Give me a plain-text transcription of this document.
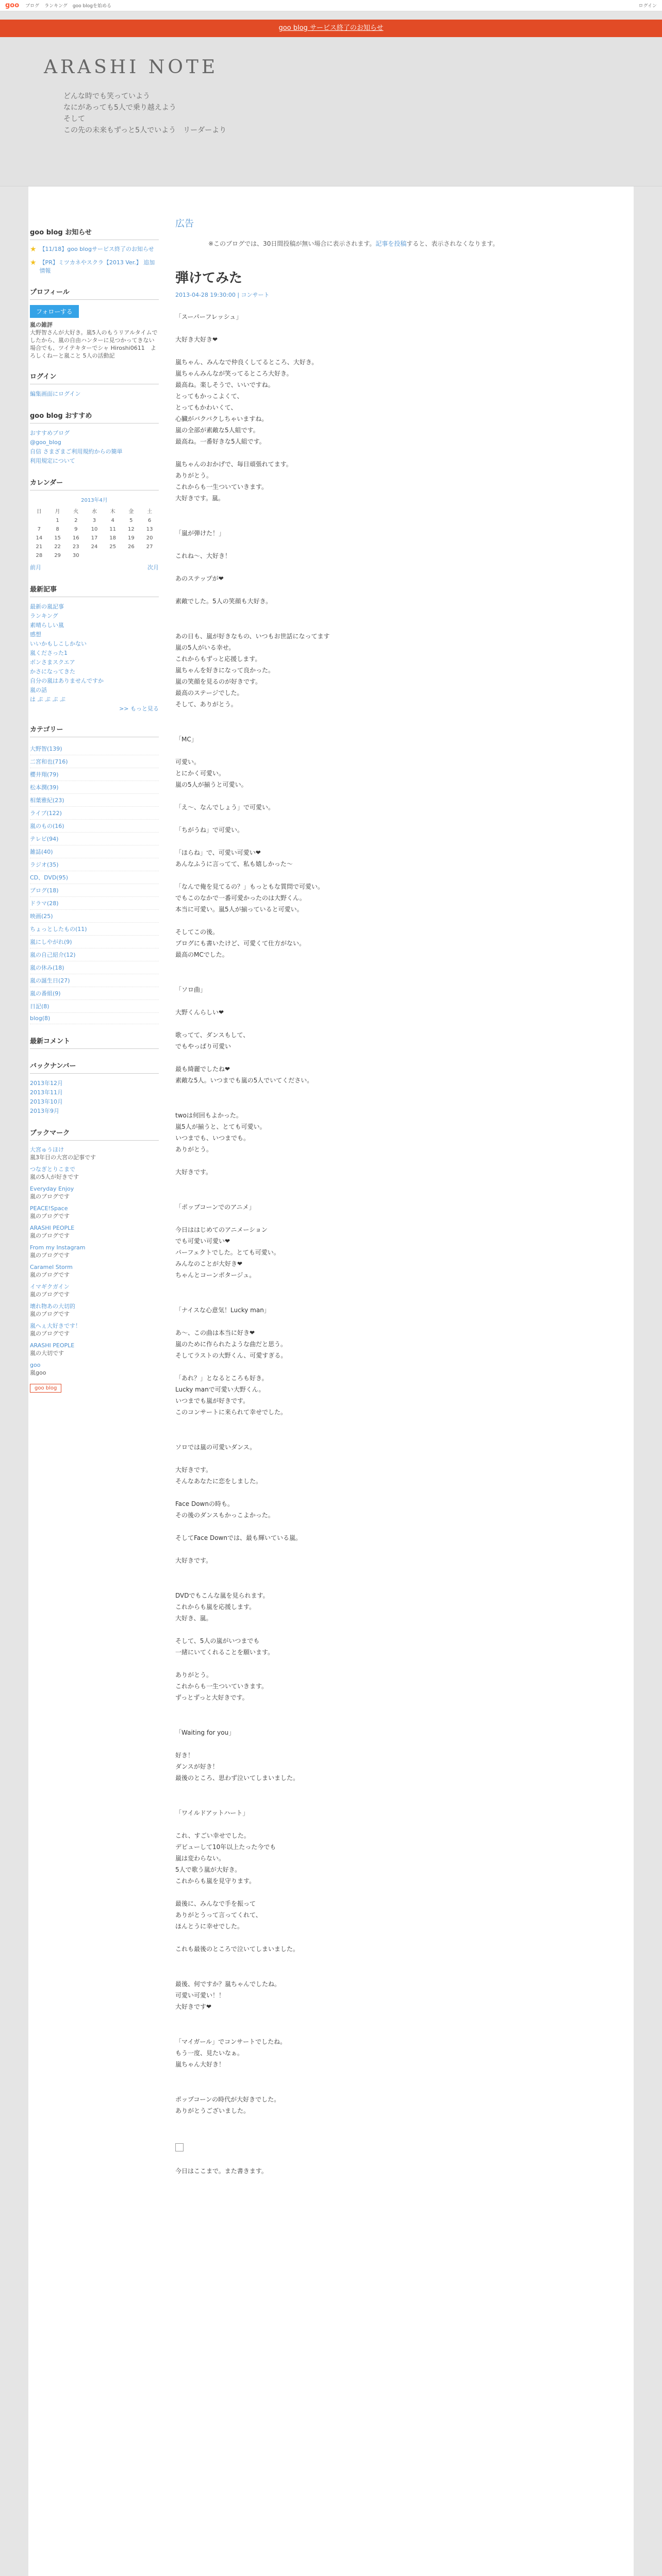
goo ブログ ランキング goo blogを始める	ログイン
goo blog サービス終了のお知らせ
ARASHI NOTE
どんな時でも笑っていよう
なにがあっても5人で乗り越えよう
そして
この先の未来もずっと5人でいよう　リーダーより
goo blog お知らせ
★ 【11/18】goo blogサービス終了のお知らせ
★ 【PR】ミツカネやスクラ【2013 Ver.】 追加情報
プロフィール
フォローする
嵐の雑評
大野智さんが大好き。嵐5人のもうリアルタイムでしたから、嵐の自由ハンターに見つかってきない場合でも、ツイテキターでシャ Hiroshi0611　よろしくねーと嵐こと 5人の活動記
ログイン
編集画面にログイン
goo blog おすすめ
おすすめブログ
@goo_blog
自信 さまざまご利用規約からの簡単
利用規定について
カレンダー
2013年4月
日	月	火	水	木	金	土
	1	2	3	4	5	6
7	8	9	10	11	12	13
14	15	16	17	18	19	20
21	22	23	24	25	26	27
28	29	30				
前月	次月
最新記事
最新の嵐記事
ランキング
素晴らしい嵐
感想
いいかもしこしかない
嵐くださった1
ボンさまスクエア
かさになってきた
自分の嵐はありませんですか
嵐の話
は ぷ ぷ ぷ ぷ
>> もっと見る
カテゴリー
大野智(139)
二宮和也(716)
櫻井翔(79)
松本潤(39)
相葉雅紀(23)
ライブ(122)
嵐のもの(16)
テレビ(94)
雑誌(40)
ラジオ(35)
CD、DVD(95)
ブログ(18)
ドラマ(28)
映画(25)
ちょっとしたもの(11)
嵐にしやがれ(9)
嵐の自己紹介(12)
嵐の休み(18)
嵐の誕生日(27)
嵐の番組(9)
日記(8)
blog(8)
最新コメント
バックナンバー
2013年12月
2013年11月
2013年10月
2013年9月
ブックマーク
大宮ゅうほけ
嵐3年目の大宮の記事です
つなぎとりこまで
嵐の5人が好きです
Everyday Enjoy
嵐のブログです
PEACE!Space
嵐のブログです
ARASHI PEOPLE
嵐のブログです
From my Instagram
嵐のブログです
Caramel Storm
嵐のブログです
イマギクガイン
嵐のブログです
壊れ物あの大切的
嵐のブログです
嵐へぇ大好きです！
嵐のブログです
ARASHI PEOPLE
嵐の大切です
goo
嵐goo
goo blog
広告
※このブログでは、30日間投稿が無い場合に表示されます。記事を投稿すると、表示されなくなります。
弾けてみた
2013-04-28 19:30:00 | コンサート
「スーパーフレッシュ」

大好き大好き❤

嵐ちゃん、みんなで仲良くしてるところ、大好き。
嵐ちゃんみんなが笑ってるところ大好き。
最高ね。楽しそうで、いいですね。
とってもかっこよくて、
とってもかわいくて、
心臓がバクバクしちゃいますね。
嵐の全部が素敵な5人組です。
最高ね。一番好きな5人組です。

嵐ちゃんのおかげで、毎日頑張れてます。
ありがとう。
これからも一生ついていきます。
大好きです。嵐。
「嵐が弾けた！」

これね〜、大好き！

あのステップが❤

素敵でした。5人の笑顔も大好き。
あの日も、嵐が好きなもの、いつもお世話になってます
嵐の5人がいる幸せ。
これからもずっと応援します。
嵐ちゃんを好きになって良かった。
嵐の笑顔を見るのが好きです。
最高のステージでした。
そして、ありがとう。
「MC」

可愛い。
とにかく可愛い。
嵐の5人が揃うと可愛い。

「え〜、なんでしょう」で可愛い。

「ちがうね」で可愛い。

「ほらね」で、可愛い可愛い❤
あんなふうに言ってて、私も嬉しかった〜

「なんで俺を見てるの？」もっともな質問で可愛い。
でもこのなかで一番可愛かったのは大野くん。
本当に可愛い。嵐5人が揃っていると可愛い。

そしてこの後。
ブログにも書いたけど、可愛くて仕方がない。
最高のMCでした。
「ソロ曲」

大野くんらしい❤

歌ってて、ダンスもして、
でもやっぱり可愛い

最も綺麗でしたね❤
素敵な5人。いつまでも嵐の5人でいてください。
twoは何回もよかった。
嵐5人が揃うと、とても可愛い。
いつまでも、いつまでも。
ありがとう。

大好きです。
「ポップコーンでのアニメ」

今日ははじめてのアニメーション
でも可愛い可愛い❤
パーフェクトでした。とても可愛い。
みんなのことが大好き❤
ちゃんとコーンポタージュ。
「ナイスな心意気！Lucky man」

あ〜、この曲は本当に好き❤
嵐のために作られたような曲だと思う。
そしてラストの大野くん、可愛すぎる。

「あれ？」となるところも好き。
Lucky manで可愛い大野くん。
いつまでも嵐が好きです。
このコンサートに来られて幸せでした。
ソロでは嵐の可愛いダンス。

大好きです。
そんなあなたに恋をしました。

Face Downの時も。
その後のダンスもかっこよかった。

そしてFace Downでは、最も輝いている嵐。

大好きです。
DVDでもこんな嵐を見られます。
これからも嵐を応援します。
大好き、嵐。

そして、5人の嵐がいつまでも
一緒にいてくれることを願います。

ありがとう。
これからも一生ついていきます。
ずっとずっと大好きです。
「Waiting for you」

好き！
ダンスが好き！
最後のところ、思わず泣いてしまいました。
「ワイルドアットハート」

これ、すごい幸せでした。
デビューして10年以上たった今でも
嵐は変わらない。
5人で歌う嵐が大好き。
これからも嵐を見守ります。

最後に、みんなで手を振って
ありがとうって言ってくれて、
ほんとうに幸せでした。

これも最後のところで泣いてしまいました。
最後、何ですか？嵐ちゃんでしたね。
可愛い可愛い！！
大好きです❤
「マイガール」でコンサートでしたね。
もう一度、見たいなぁ。
嵐ちゃん大好き！
ポップコーンの時代が大好きでした。
ありがとうございました。
今日はここまで。また書きます。
